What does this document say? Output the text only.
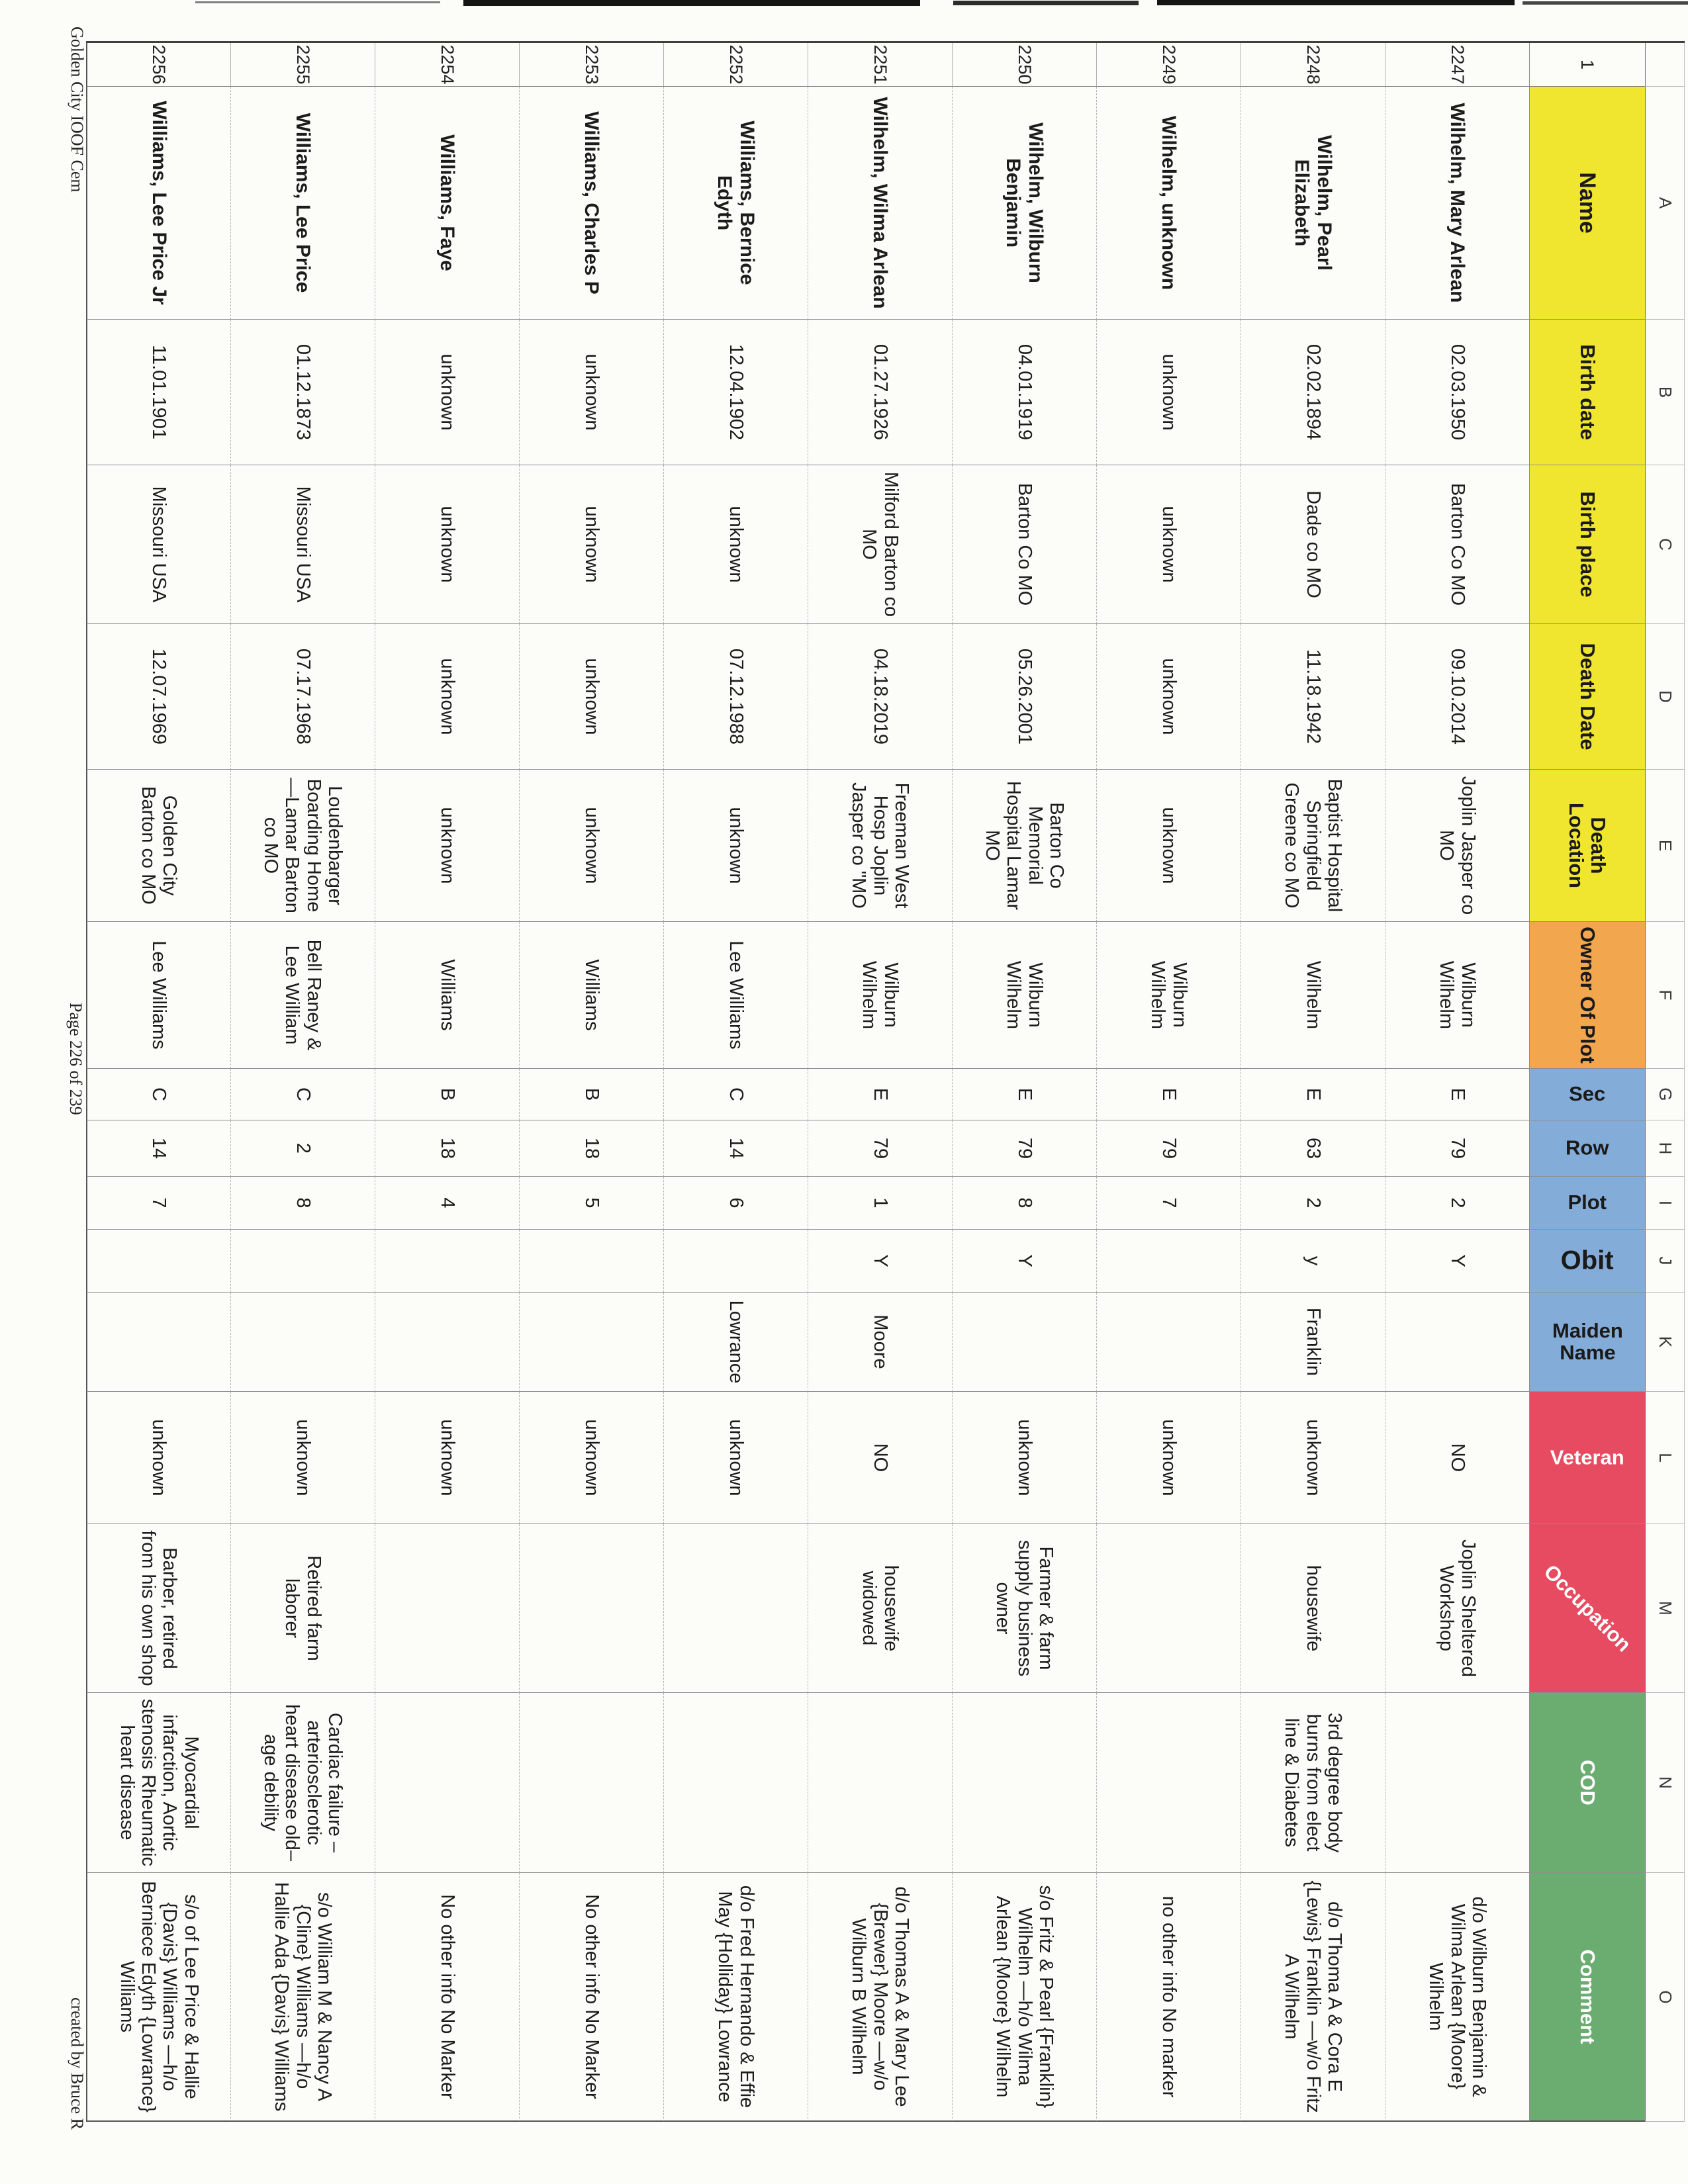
A
B
C
D
E
F
G
H
I
J
K
L
M
N
O
1
Name
Birth date
Birth place
Death Date
Death Location
Owner Of Plot
Sec
Row
Plot
Obit
Maiden Name
Veteran
Occupation
COD
Comment
2247
Wilhelm, Mary Arlean
02.03.1950
Barton Co MO
09.10.2014
Joplin Jasper co MO
Wilburn Wilhelm
E
79
2
Y
NO
Joplin Sheltered Workshop
d/o Wilburn Benjamin & Wilma Arlean {Moore} Wilhelm
2248
Wilhelm, Pearl Elizabeth
02.02.1894
Dade co MO
11.18.1942
Baptist Hospital Springfield Greene co MO
Wilhelm
E
63
2
y
Franklin
unknown
housewife
3rd degree body burns from elect line & Diabetes
d/o Thoma A & Cora E {Lewis} Franklin —w/o Fritz A Wilhelm
2249
Wilhelm, unknown
unknown
unknown
unknown
unknown
Wilburn Wilhelm
E
79
7
unknown
no other info No marker
2250
Wilhelm, Wilburn Benjamin
04.01.1919
Barton Co MO
05.26.2001
Barton Co Memorial Hospital Lamar MO
Wilburn Wilhelm
E
79
8
Y
unknown
Farmer & farm supply business owner
s/o Fritz & Pearl {Franklin} Wilhelm —h/o Wilma Arlean {Moore} Wilhelm
2251
Wilhelm, Wilma Arlean
01.27.1926
Milford Barton co MO
04.18.2019
Freeman West Hosp Joplin Jasper co "MO
Wilburn Wilhelm
E
79
1
Y
Moore
NO
housewife widowed
d/o Thomas A & Mary Lee {Brewer} Moore —w/o Wilburn B Wilhelm
2252
Williams, Bernice Edyth
12.04.1902
unknown
07.12.1988
unknown
Lee Williams
C
14
6
Lowrance
unknown
d/o Fred Hernando & Effie May {Holliday} Lowrance
2253
Williams, Charles P
unknown
unknown
unknown
unknown
Williams
B
18
5
unknown
No other info No Marker
2254
Williams, Faye
unknown
unknown
unknown
unknown
Williams
B
18
4
unknown
No other info No Marker
2255
Williams, Lee Price
01.12.1873
Missouri USA
07.17.1968
Loudenbarger Boarding Home—Lamar Barton co MO
Bell Raney & Lee William
C
2
8
unknown
Retired farm laborer
Cardiac failure – arteriosclerotic heart disease old–age debility
s/o William M & Nancy A {Cline} Williams —h/o Hallie Ada {Davis} Williams
2256
Williams, Lee Price Jr
11.01.1901
Missouri USA
12.07.1969
Golden City Barton co MO
Lee Williams
C
14
7
unknown
Barber, retired from his own shop
Myocardial infarction, Aortic stenosis Rheumatic heart disease
s/o of Lee Price & Hallie {Davis} Williams —h/o Berniece Edyth {Lowrance} Williams
Golden City IOOF Cem
Page 226 of 239
created by Bruce R
